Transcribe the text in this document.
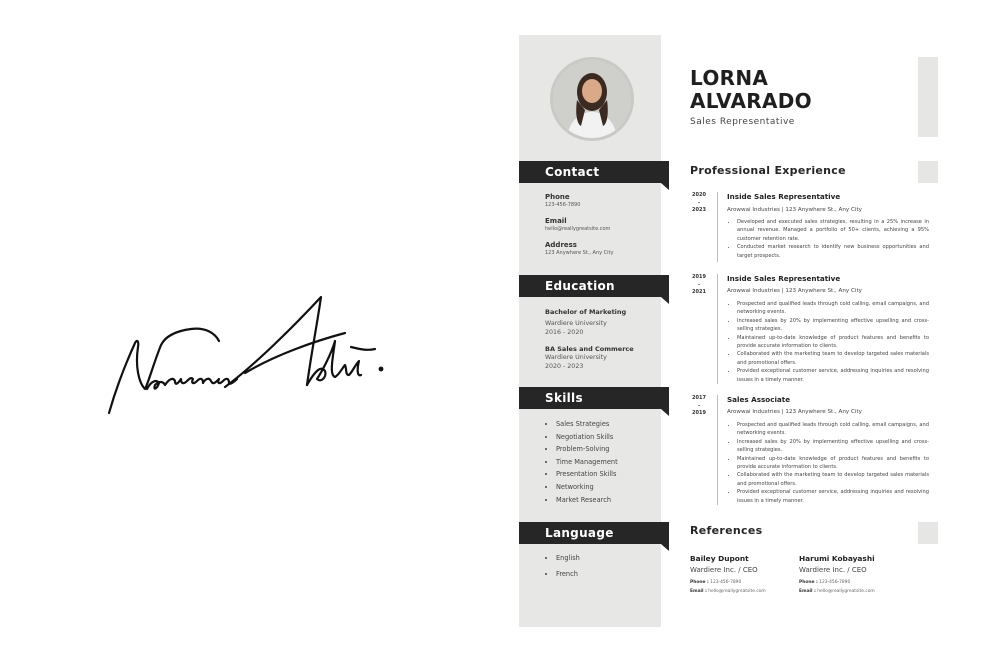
Contact
Phone
123-456-7890
Email
hello@reallygreatsite.com
Address
123 Anywhere St., Any City
Education
Bachelor of Marketing
Wardiere University
2016 - 2020
BA Sales and Commerce
Wardiere University
2020 - 2023
Skills
• Sales Strategies
• Negotiation Skills
• Problem-Solving
• Time Management
• Presentation Skills
• Networking
• Market Research
Language
• English
• French
LORNA
ALVARADO
Sales Representative
Professional Experience
2020
-
2023
Inside Sales Representative
Arowwai Industries | 123 Anywhere St., Any City
• Developed and executed sales strategies, resulting in a 25% increase in annual revenue. Managed a portfolio of 50+ clients, achieving a 95% customer retention rate.
• Conducted market research to identify new business opportunities and target prospects.
2019
-
2021
Inside Sales Representative
Arowwai Industries | 123 Anywhere St., Any City
• Prospected and qualified leads through cold calling, email campaigns, and networking events.
• Increased sales by 20% by implementing effective upselling and cross-selling strategies.
• Maintained up-to-date knowledge of product features and benefits to provide accurate information to clients.
• Collaborated with the marketing team to develop targeted sales materials and promotional offers.
• Provided exceptional customer service, addressing inquiries and resolving issues in a timely manner.
2017
-
2019
Sales Associate
Arowwai Industries | 123 Anywhere St., Any City
• Prospected and qualified leads through cold calling, email campaigns, and networking events.
• Increased sales by 20% by implementing effective upselling and cross-selling strategies.
• Maintained up-to-date knowledge of product features and benefits to provide accurate information to clients.
• Collaborated with the marketing team to develop targeted sales materials and promotional offers.
• Provided exceptional customer service, addressing inquiries and resolving issues in a timely manner.
References
Bailey Dupont
Wardiere Inc. / CEO
Phone : 123-456-7890
Email : hello@reallygreatsite.com
Harumi Kobayashi
Wardiere Inc. / CEO
Phone : 123-456-7890
Email : hello@reallygreatsite.com
